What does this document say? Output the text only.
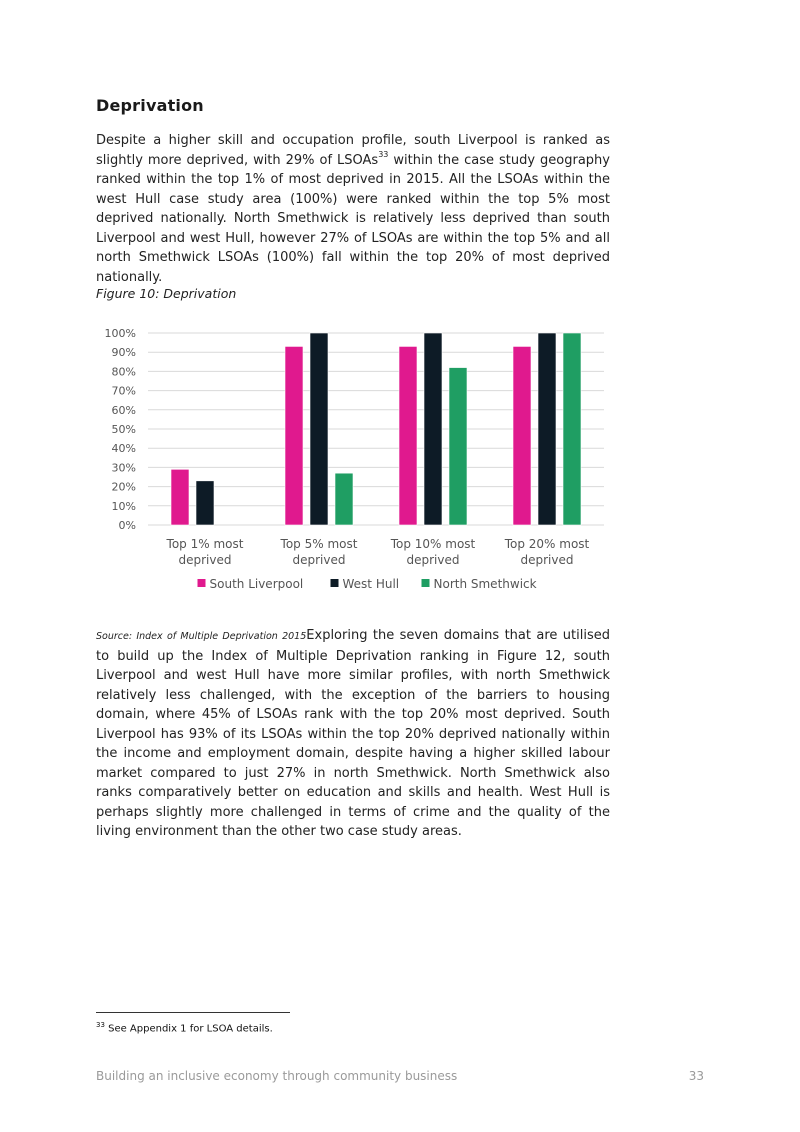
Deprivation

Despite a higher skill and occupation profile, south Liverpool is ranked as slightly more deprived, with 29% of LSOAs$^{33}$ within the case study geography ranked within the top 1% of most deprived in 2015. All the LSOAs within the west Hull case study area (100%) were ranked within the top 5% most deprived nationally. North Smethwick is relatively less deprived than south Liverpool and west Hull, however 27% of LSOAs are within the top 5% and all north Smethwick LSOAs (100%) fall within the top 20% of most deprived nationally.

Figure 10: Deprivation
0%
10%
20%
30%
40%
50%
60%
70%
80%
90%
100%
Top 1% most
deprived
Top 5% most
deprived
Top 10% most
deprived
Top 20% most
deprived
South Liverpool	West Hull	North Smethwick

Source: Index of Multiple Deprivation 2015Exploring the seven domains that are utilised to build up the Index of Multiple Deprivation ranking in Figure 12, south Liverpool and west Hull have more similar profiles, with north Smethwick relatively less challenged, with the exception of the barriers to housing domain, where 45% of LSOAs rank with the top 20% most deprived. South Liverpool has 93% of its LSOAs within the top 20% deprived nationally within the income and employment domain, despite having a higher skilled labour market compared to just 27% in north Smethwick. North Smethwick also ranks comparatively better on education and skills and health. West Hull is perhaps slightly more challenged in terms of crime and the quality of the living environment than the other two case study areas.

$^{33}$ See Appendix 1 for LSOA details.
Building an inclusive economy through community business	33
